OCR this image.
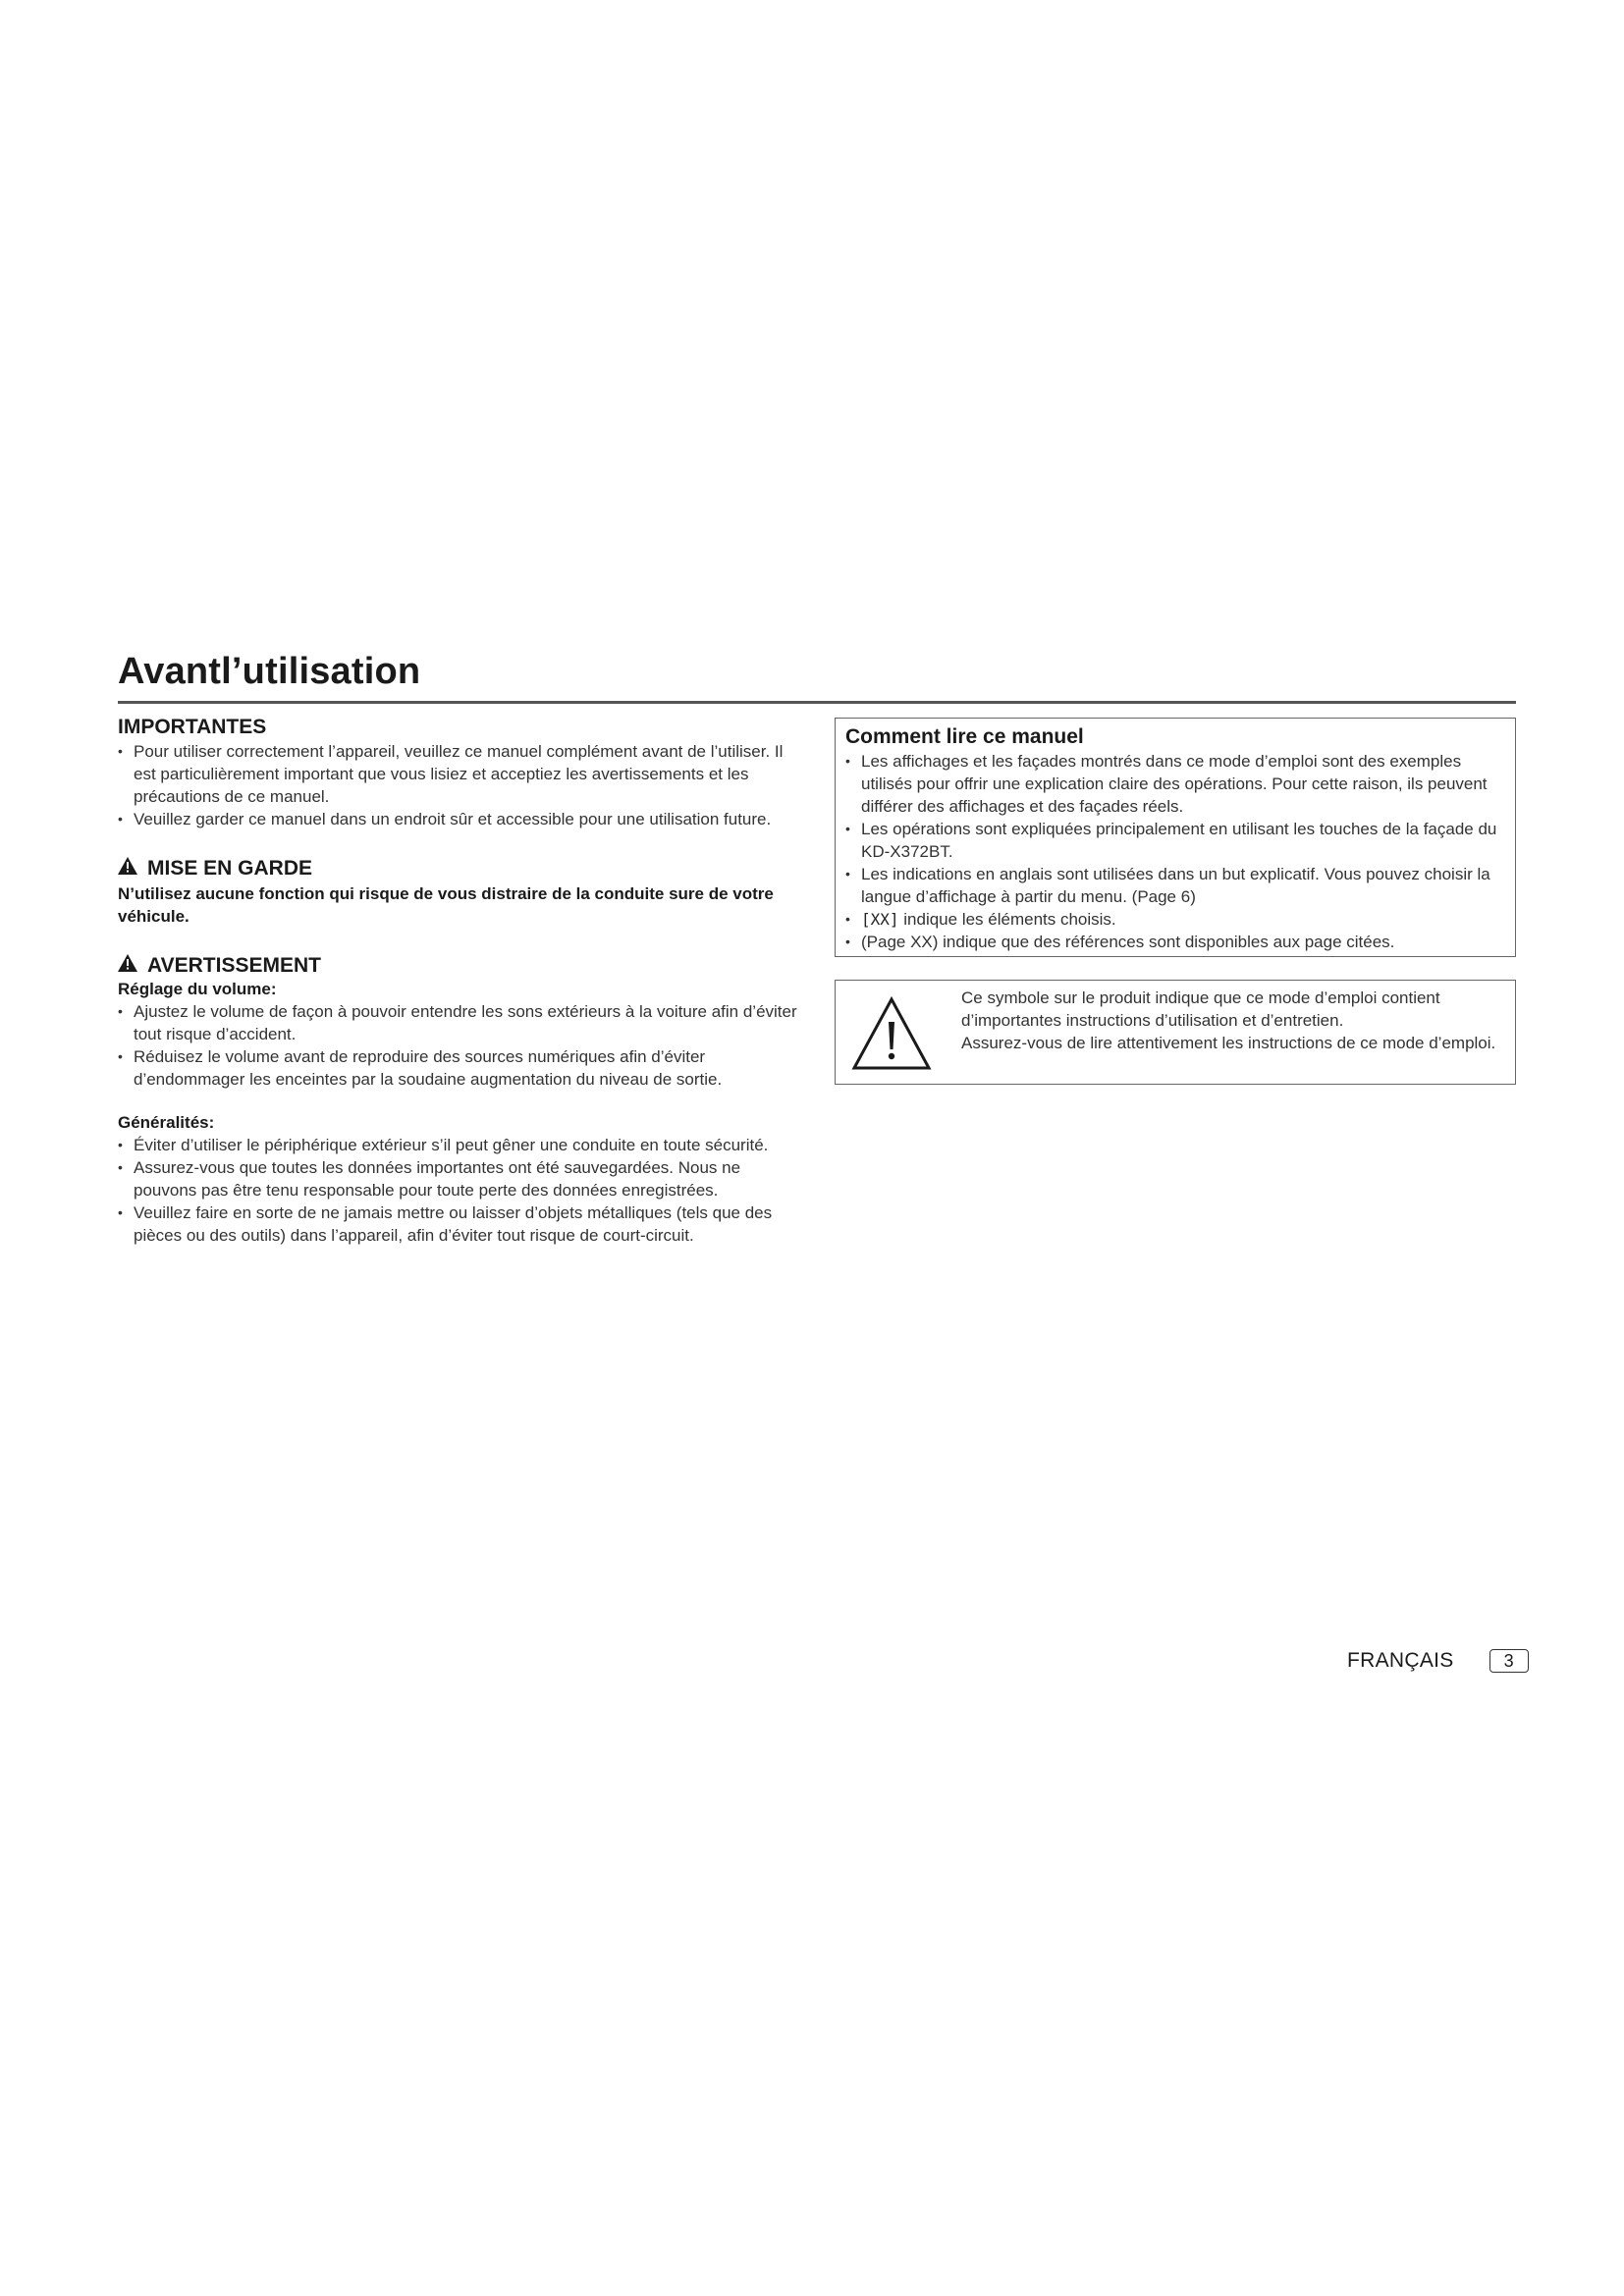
Avantl’utilisation
IMPORTANTES
• Pour utiliser correctement l’appareil, veuillez ce manuel complément avant de l’utiliser. Il est particulièrement important que vous lisiez et acceptiez les avertissements et les précautions de ce manuel.
• Veuillez garder ce manuel dans un endroit sûr et accessible pour une utilisation future.
MISE EN GARDE

N’utilisez aucune fonction qui risque de vous distraire de la conduite sure de votre véhicule.

AVERTISSEMENT
Réglage du volume:
• Ajustez le volume de façon à pouvoir entendre les sons extérieurs à la voiture afin d’éviter tout risque d’accident.
• Réduisez le volume avant de reproduire des sources numériques afin d’éviter d’endommager les enceintes par la soudaine augmentation du niveau de sortie.
Généralités:
• Éviter d’utiliser le périphérique extérieur s’il peut gêner une conduite en toute sécurité.
• Assurez-vous que toutes les données importantes ont été sauvegardées. Nous ne pouvons pas être tenu responsable pour toute perte des données enregistrées.
• Veuillez faire en sorte de ne jamais mettre ou laisser d’objets métalliques (tels que des pièces ou des outils) dans l’appareil, afin d’éviter tout risque de court-circuit.
Comment lire ce manuel
• Les affichages et les façades montrés dans ce mode d’emploi sont des exemples utilisés pour offrir une explication claire des opérations. Pour cette raison, ils peuvent différer des affichages et des façades réels.
• Les opérations sont expliquées principalement en utilisant les touches de la façade du KD-X372BT.
• Les indications en anglais sont utilisées dans un but explicatif. Vous pouvez choisir la langue d’affichage à partir du menu. (Page 6)
• [XX] indique les éléments choisis.
• (Page XX) indique que des références sont disponibles aux page citées.
Ce symbole sur le produit indique que ce mode d’emploi contient d’importantes instructions d’utilisation et d’entretien.
Assurez-vous de lire attentivement les instructions de ce mode d’emploi.
FRANÇAIS	3
